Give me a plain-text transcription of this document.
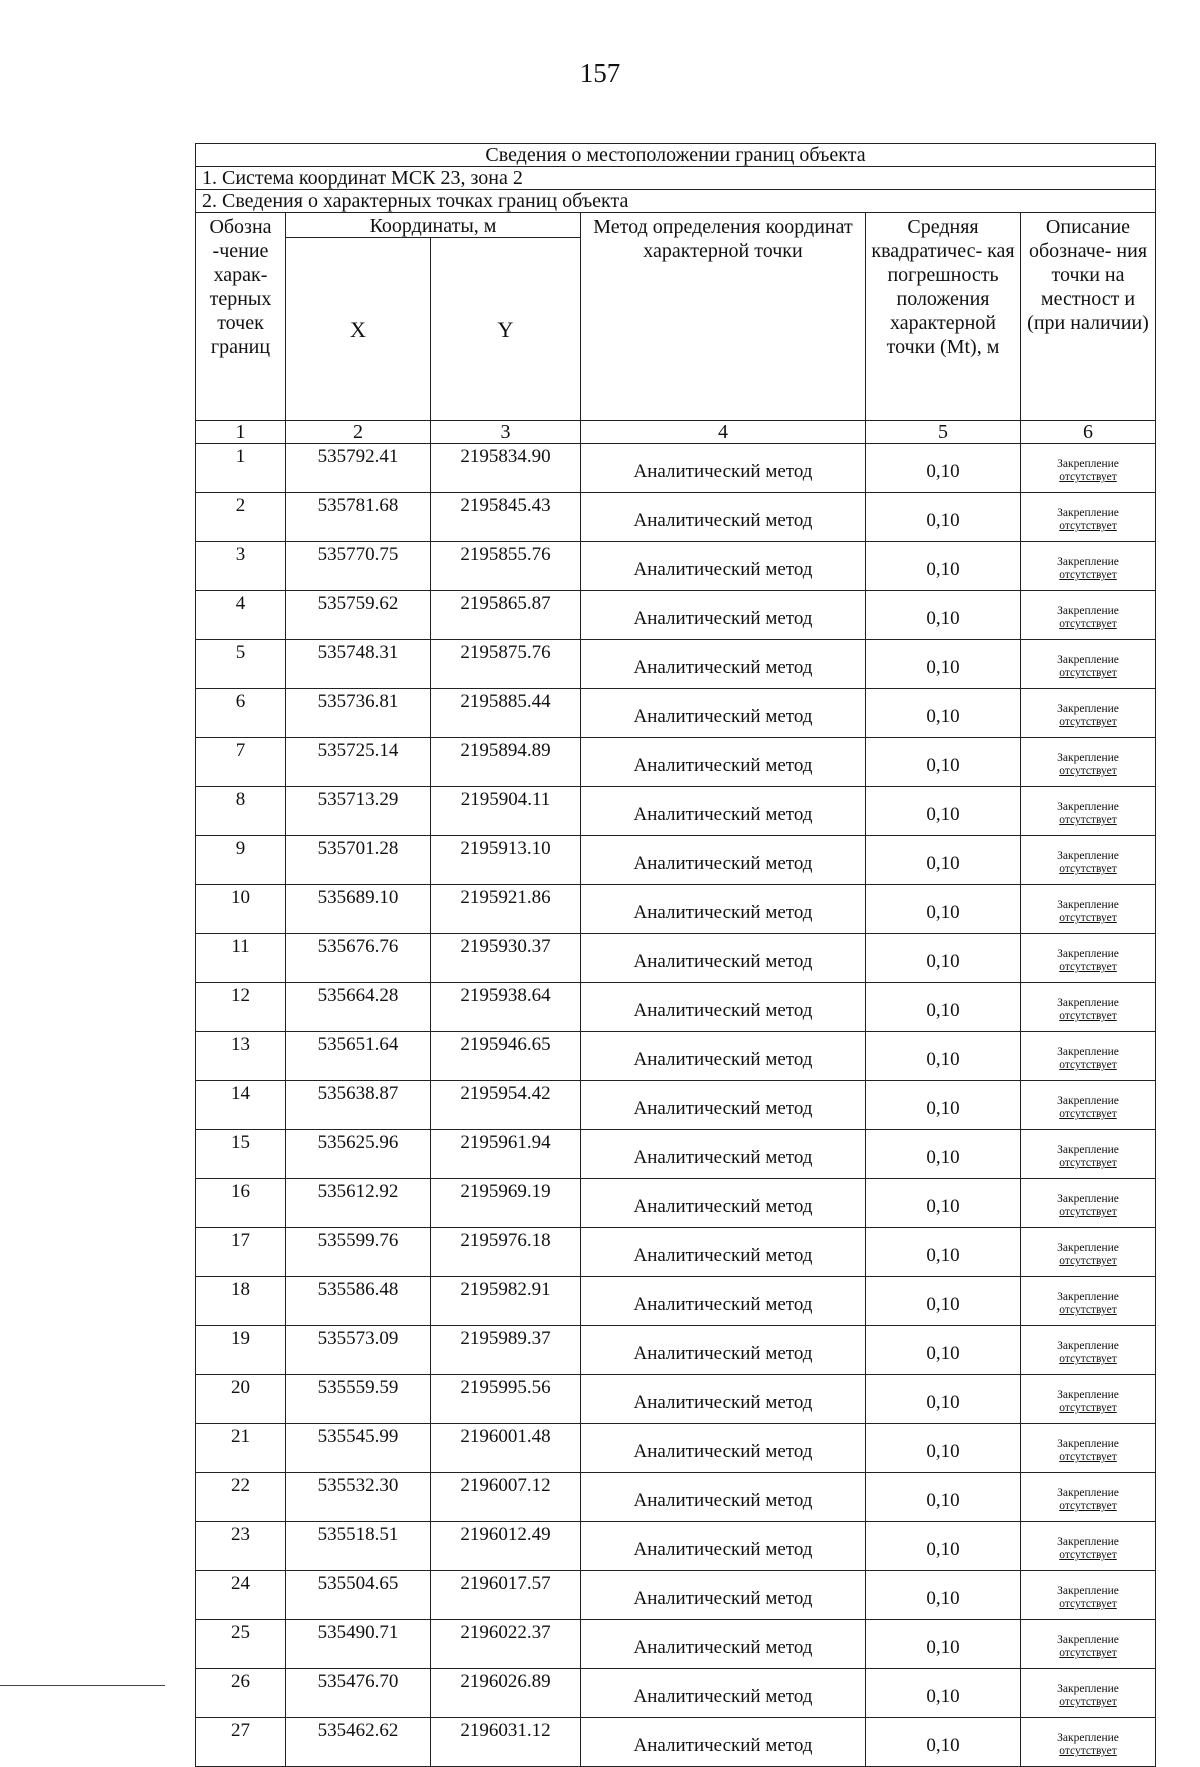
157
Сведения о местоположении границ объекта					
1. Система координат МСК 23, зона 2					
2. Сведения о характерных точках границ объекта					
Обозна -чение харак- терных точек границ	Координаты, м		Метод определения координат характерной точки	Средняя квадратичес- кая погрешность положения характерной точки (Mt), м	Описание обозначе- ния точки на местност и (при наличии)
	X	Y			
1	2	3	4	5	6
1	535792.41	2195834.90	Аналитический метод	0,10	Закрепление
отсутствует

2	535781.68	2195845.43	Аналитический метод	0,10	Закрепление
отсутствует

3	535770.75	2195855.76	Аналитический метод	0,10	Закрепление
отсутствует

4	535759.62	2195865.87	Аналитический метод	0,10	Закрепление
отсутствует

5	535748.31	2195875.76	Аналитический метод	0,10	Закрепление
отсутствует

6	535736.81	2195885.44	Аналитический метод	0,10	Закрепление
отсутствует

7	535725.14	2195894.89	Аналитический метод	0,10	Закрепление
отсутствует

8	535713.29	2195904.11	Аналитический метод	0,10	Закрепление
отсутствует

9	535701.28	2195913.10	Аналитический метод	0,10	Закрепление
отсутствует

10	535689.10	2195921.86	Аналитический метод	0,10	Закрепление
отсутствует

11	535676.76	2195930.37	Аналитический метод	0,10	Закрепление
отсутствует

12	535664.28	2195938.64	Аналитический метод	0,10	Закрепление
отсутствует

13	535651.64	2195946.65	Аналитический метод	0,10	Закрепление
отсутствует

14	535638.87	2195954.42	Аналитический метод	0,10	Закрепление
отсутствует

15	535625.96	2195961.94	Аналитический метод	0,10	Закрепление
отсутствует

16	535612.92	2195969.19	Аналитический метод	0,10	Закрепление
отсутствует

17	535599.76	2195976.18	Аналитический метод	0,10	Закрепление
отсутствует

18	535586.48	2195982.91	Аналитический метод	0,10	Закрепление
отсутствует

19	535573.09	2195989.37	Аналитический метод	0,10	Закрепление
отсутствует

20	535559.59	2195995.56	Аналитический метод	0,10	Закрепление
отсутствует

21	535545.99	2196001.48	Аналитический метод	0,10	Закрепление
отсутствует

22	535532.30	2196007.12	Аналитический метод	0,10	Закрепление
отсутствует

23	535518.51	2196012.49	Аналитический метод	0,10	Закрепление
отсутствует

24	535504.65	2196017.57	Аналитический метод	0,10	Закрепление
отсутствует

25	535490.71	2196022.37	Аналитический метод	0,10	Закрепление
отсутствует

26	535476.70	2196026.89	Аналитический метод	0,10	Закрепление
отсутствует

27	535462.62	2196031.12	Аналитический метод	0,10	Закрепление
отсутствует
